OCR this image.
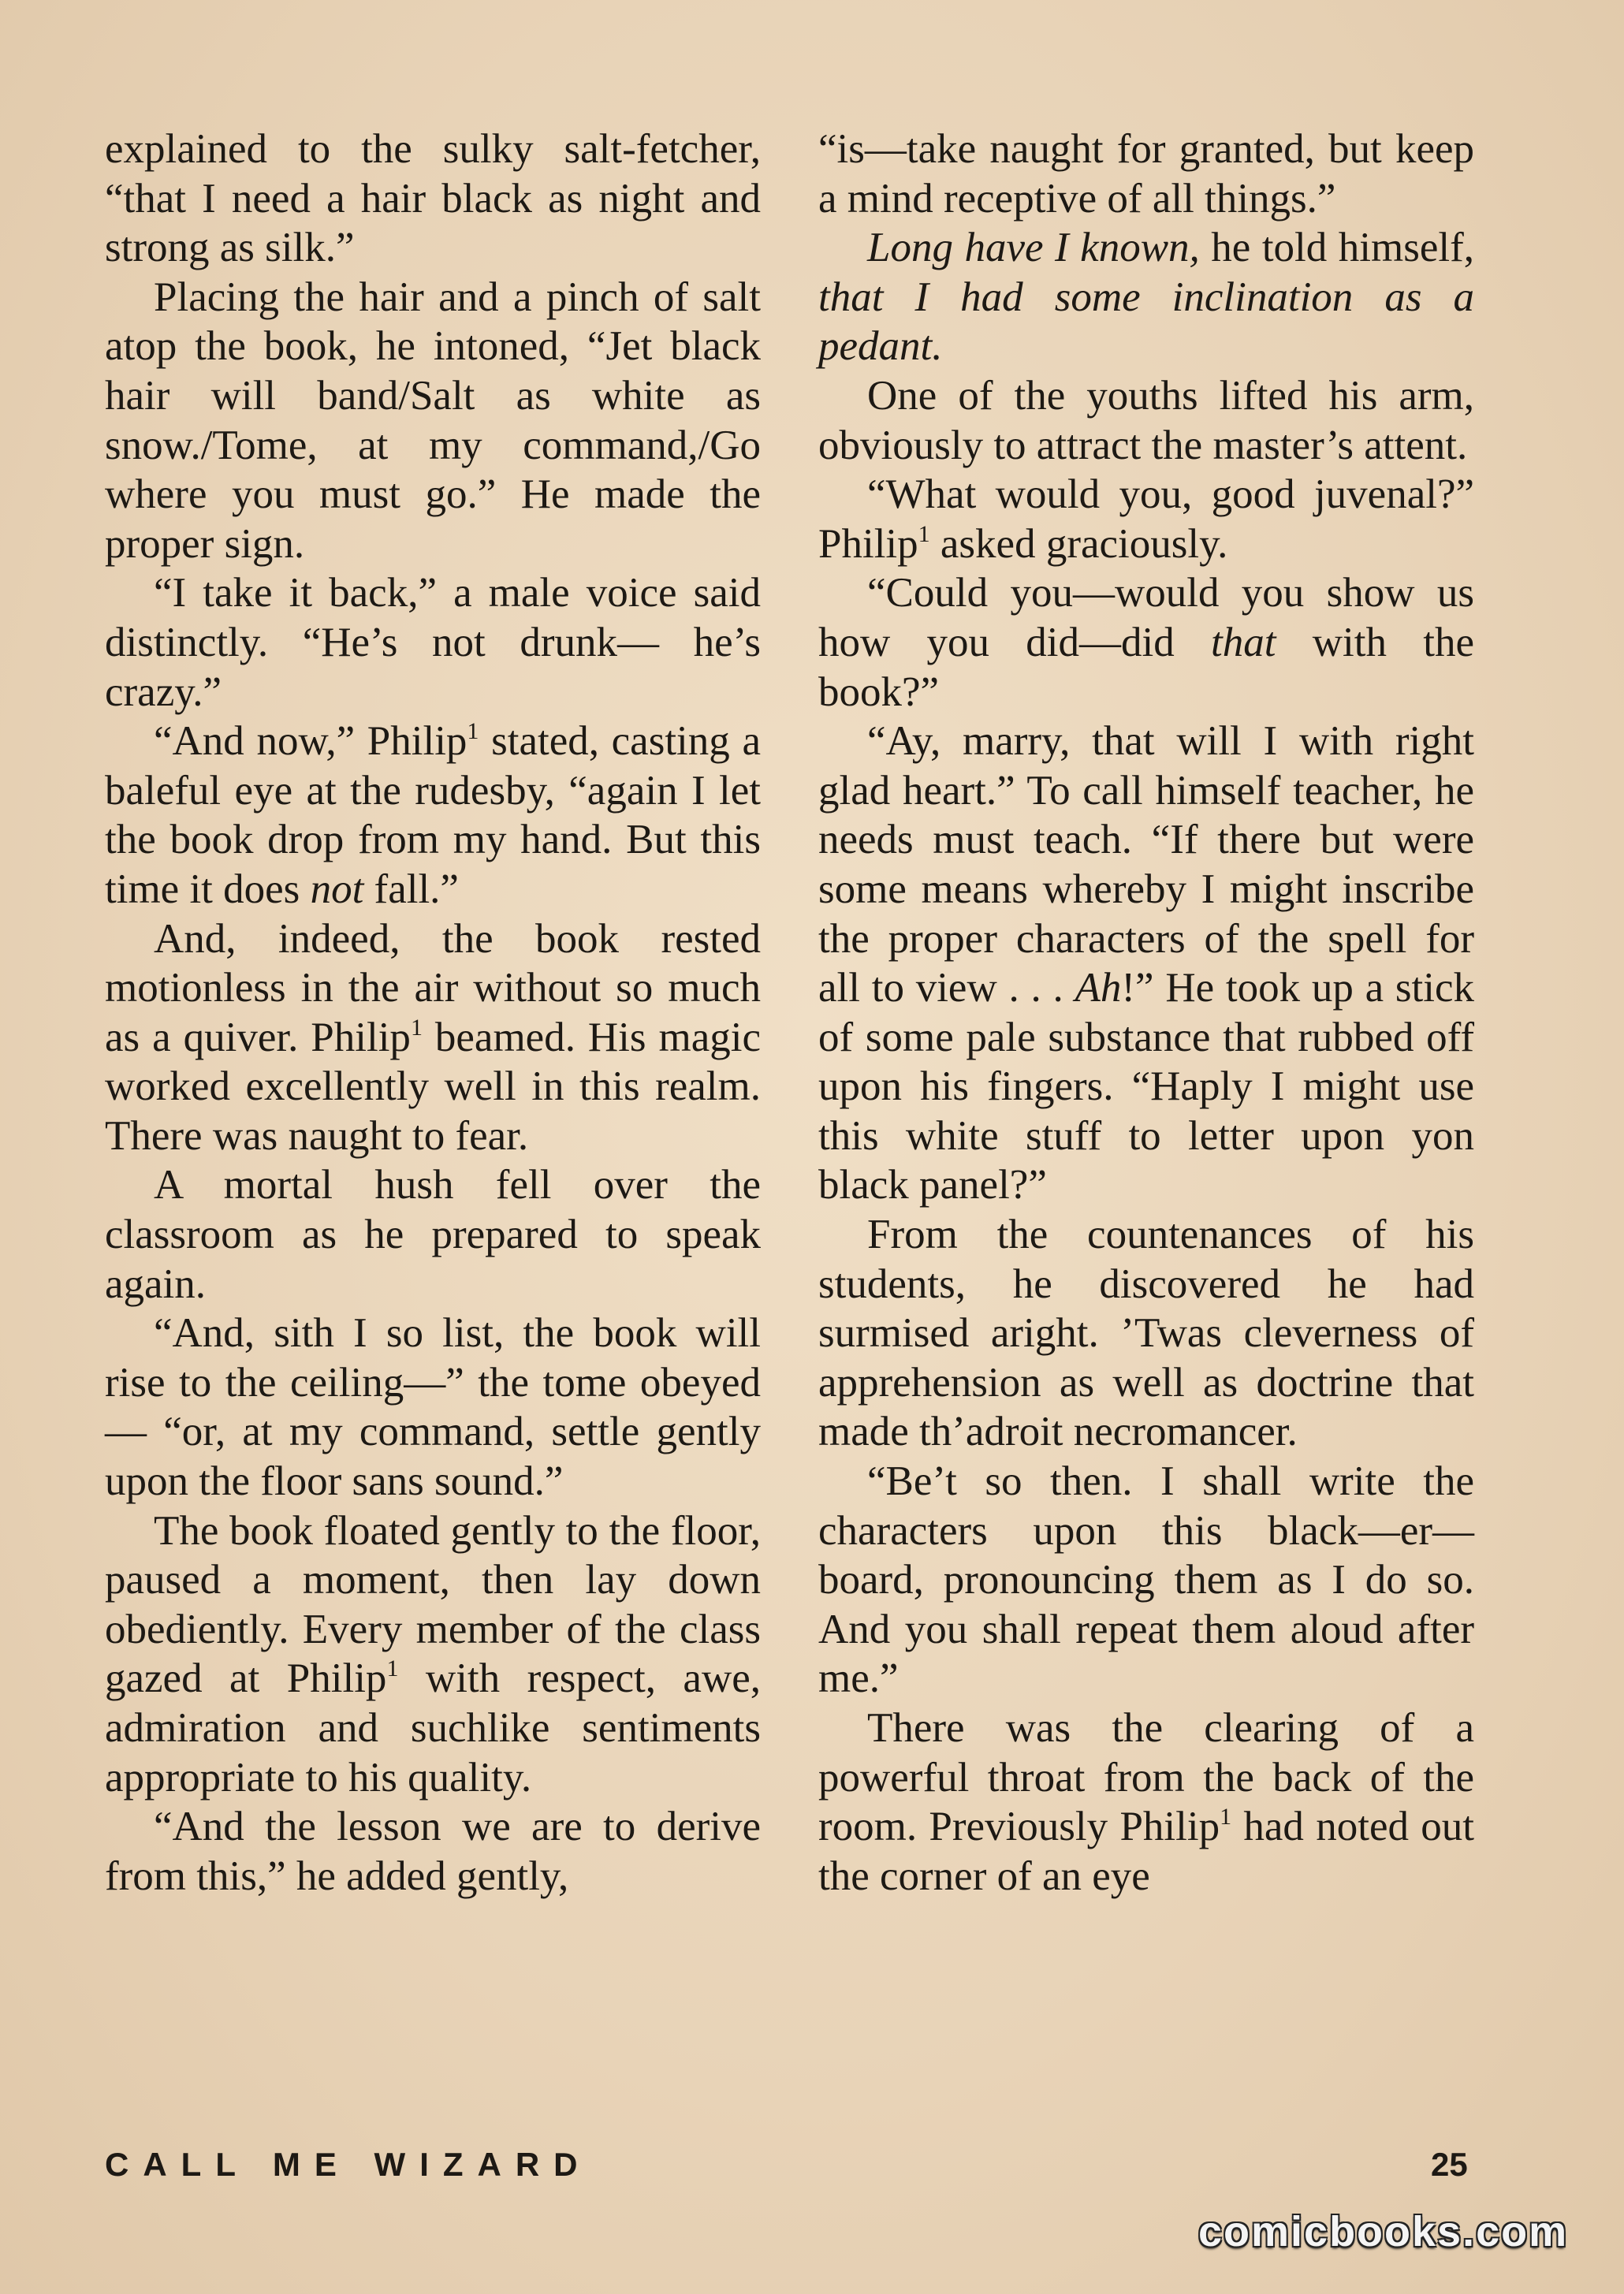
explained to the sulky salt-fetcher, “that I need a hair black as night and strong as silk.”

Placing the hair and a pinch of salt atop the book, he intoned, “Jet black hair will band/Salt as white as snow./Tome, at my command,/Go where you must go.” He made the proper sign.

“I take it back,” a male voice said distinctly. “He’s not drunk— he’s crazy.”

“And now,” Philip$^1$ stated, casting a baleful eye at the rudesby, “again I let the book drop from my hand. But this time it does not fall.”

And, indeed, the book rested motionless in the air without so much as a quiver. Philip$^1$ beamed. His magic worked excellently well in this realm. There was naught to fear.

A mortal hush fell over the classroom as he prepared to speak again.

“And, sith I so list, the book will rise to the ceiling—” the tome obeyed— “or, at my command, settle gently upon the floor sans sound.”

The book floated gently to the floor, paused a moment, then lay down obediently. Every member of the class gazed at Philip$^1$ with respect, awe, admiration and suchlike sentiments appropriate to his quality.

“And the lesson we are to derive from this,” he added gently,

“is—take naught for granted, but keep a mind receptive of all things.”

Long have I known, he told himself, that I had some inclination as a pedant.

One of the youths lifted his arm, obviously to attract the master’s attent.

“What would you, good juvenal?” Philip$^1$ asked graciously.

“Could you—would you show us how you did—did that with the book?”

“Ay, marry, that will I with right glad heart.” To call himself teacher, he needs must teach. “If there but were some means whereby I might inscribe the proper characters of the spell for all to view . . . Ah!” He took up a stick of some pale substance that rubbed off upon his fingers. “Haply I might use this white stuff to letter upon yon black panel?”

From the countenances of his students, he discovered he had surmised aright. ’Twas cleverness of apprehension as well as doctrine that made th’adroit necromancer.

“Be’t so then. I shall write the characters upon this black—er— board, pronouncing them as I do so. And you shall repeat them aloud after me.”

There was the clearing of a powerful throat from the back of the room. Previously Philip$^1$ had noted out the corner of an eye

CALL ME WIZARD	25
comicbooks.com
